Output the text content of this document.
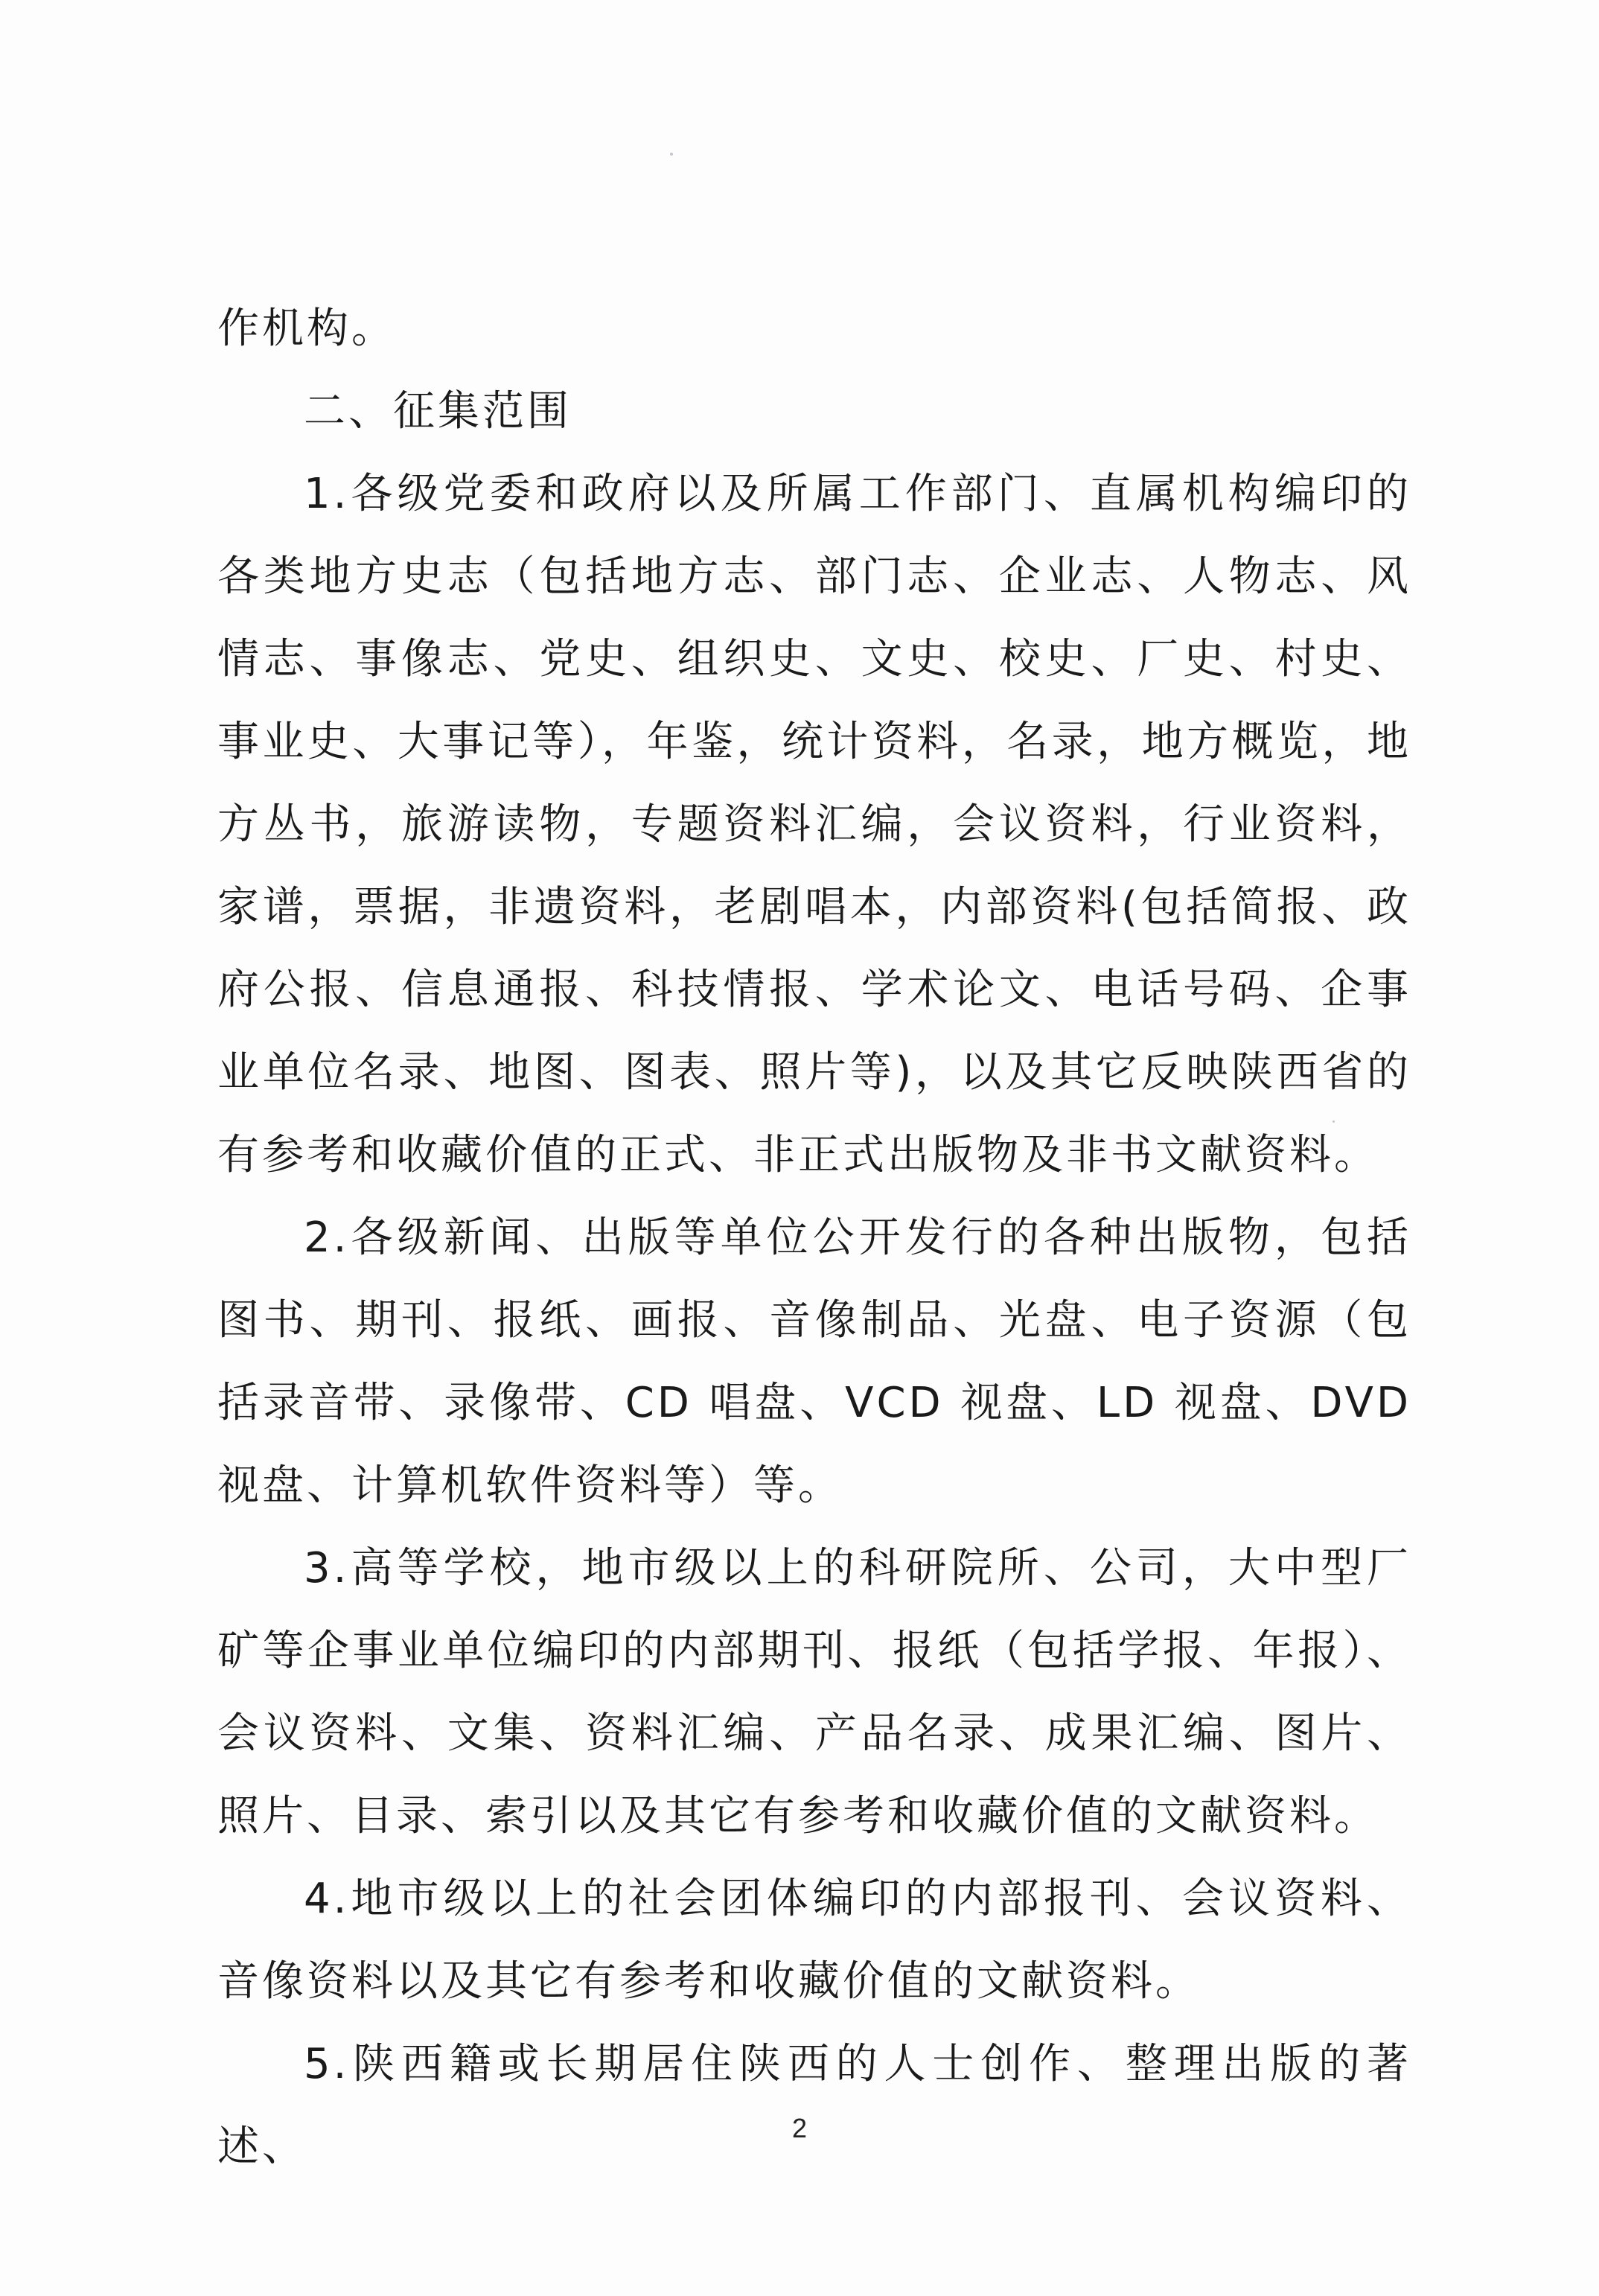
作机构。

二、征集范围

1.各级党委和政府以及所属工作部门、直属机构编印的各类地方史志（包括地方志、部门志、企业志、人物志、风情志、事像志、党史、组织史、文史、校史、厂史、村史、事业史、大事记等），年鉴，统计资料，名录，地方概览，地方丛书，旅游读物，专题资料汇编，会议资料，行业资料，家谱，票据，非遗资料，老剧唱本，内部资料(包括简报、政府公报、信息通报、科技情报、学术论文、电话号码、企事业单位名录、地图、图表、照片等)，以及其它反映陕西省的有参考和收藏价值的正式、非正式出版物及非书文献资料。

2.各级新闻、出版等单位公开发行的各种出版物，包括图书、期刊、报纸、画报、音像制品、光盘、电子资源（包括录音带、录像带、CD 唱盘、VCD 视盘、LD 视盘、DVD 视盘、计算机软件资料等）等。

3.高等学校，地市级以上的科研院所、公司，大中型厂矿等企事业单位编印的内部期刊、报纸（包括学报、年报）、会议资料、文集、资料汇编、产品名录、成果汇编、图片、照片、目录、索引以及其它有参考和收藏价值的文献资料。

4.地市级以上的社会团体编印的内部报刊、会议资料、音像资料以及其它有参考和收藏价值的文献资料。

5.陕西籍或长期居住陕西的人士创作、整理出版的著述、	2
